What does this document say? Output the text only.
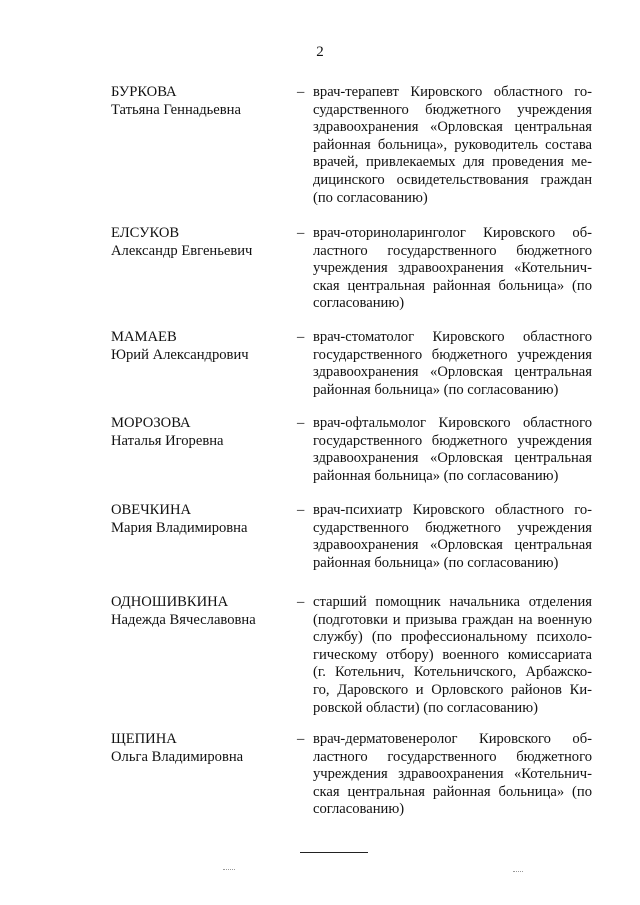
2
БУРКОВА
Татьяна Геннадьевна
– врач-терапевт Кировского областного го-
сударственного бюджетного учреждения
здравоохранения «Орловская центральная
районная больница», руководитель состава
врачей, привлекаемых для проведения ме-
дицинского освидетельствования граждан
(по согласованию)
ЕЛСУКОВ
Александр Евгеньевич
– врач-оториноларинголог Кировского об-
ластного государственного бюджетного
учреждения здравоохранения «Котельнич-
ская центральная районная больница» (по
согласованию)
МАМАЕВ
Юрий Александрович
– врач-стоматолог Кировского областного
государственного бюджетного учреждения
здравоохранения «Орловская центральная
районная больница» (по согласованию)
МОРОЗОВА
Наталья Игоревна
– врач-офтальмолог Кировского областного
государственного бюджетного учреждения
здравоохранения «Орловская центральная
районная больница» (по согласованию)
ОВЕЧКИНА
Мария Владимировна
– врач-психиатр Кировского областного го-
сударственного бюджетного учреждения
здравоохранения «Орловская центральная
районная больница» (по согласованию)
ОДНОШИВКИНА
Надежда Вячеславовна
– старший помощник начальника отделения
(подготовки и призыва граждан на военную
службу) (по профессиональному психоло-
гическому отбору) военного комиссариата
(г. Котельнич, Котельничского, Арбажско-
го, Даровского и Орловского районов Ки-
ровской области) (по согласованию)
ЩЕПИНА
Ольга Владимировна
– врач-дерматовенеролог Кировского об-
ластного государственного бюджетного
учреждения здравоохранения «Котельнич-
ская центральная районная больница» (по
согласованию)
